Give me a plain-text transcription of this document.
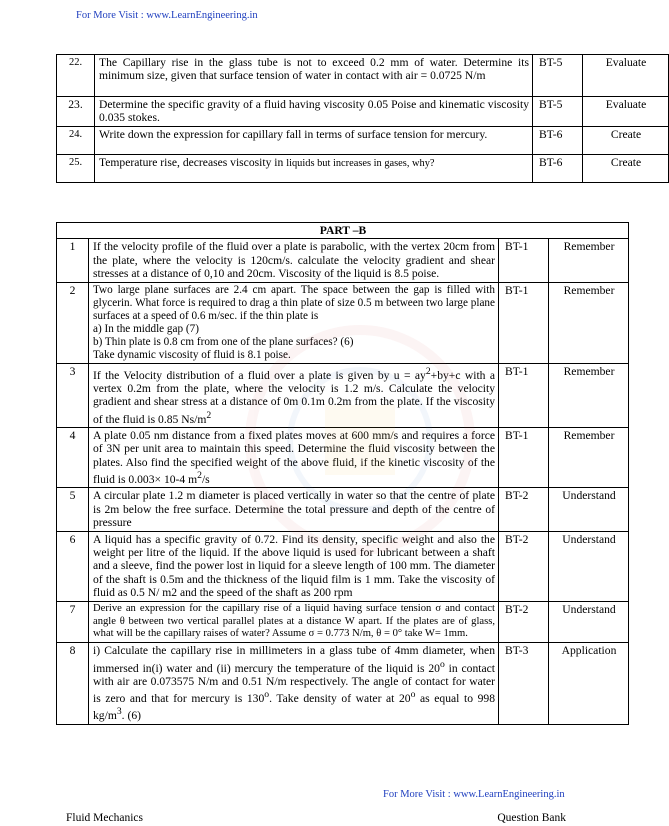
For More Visit : www.LearnEngineering.in
22.	The Capillary rise in the glass tube is not to exceed 0.2 mm of water. Determine its minimum size, given that surface tension of water in contact with air = 0.0725 N/m	BT-5	Evaluate
23.	Determine the specific gravity of a fluid having viscosity 0.05 Poise and kinematic viscosity 0.035 stokes.	BT-5	Evaluate
24.	Write down the expression for capillary fall in terms of surface tension for mercury.	BT-6	Create
25.	Temperature rise, decreases viscosity in liquids but increases in gases, why?	BT-6	Create
PART –B			
1	If the velocity profile of the fluid over a plate is parabolic, with the vertex 20cm from the plate, where the velocity is 120cm/s. calculate the velocity gradient and shear stresses at a distance of 0,10 and 20cm. Viscosity of the liquid is 8.5 poise.	BT-1	Remember
2	Two large plane surfaces are 2.4 cm apart. The space between the gap is filled with glycerin. What force is required to drag a thin plate of size 0.5 m between two large plane surfaces at a speed of 0.6 m/sec. if the thin plate is
a) In the middle gap (7)
b) Thin plate is 0.8 cm from one of the plane surfaces? (6)
Take dynamic viscosity of fluid is 8.1 poise.	BT-1	Remember
3	If the Velocity distribution of a fluid over a plate is given by $u = ay^2+by+c$ with a vertex 0.2m from the plate, where the velocity is 1.2 m/s. Calculate the velocity gradient and shear stress at a distance of 0m 0.1m 0.2m from the plate. If the viscosity of the fluid is 0.85 $Ns/m^2$	BT-1	Remember
4	A plate 0.05 nm distance from a fixed plates moves at 600 mm/s and requires a force of 3N per unit area to maintain this speed. Determine the fluid viscosity between the plates. Also find the specified weight of the above fluid, if the kinetic viscosity of the fluid is 0.003× 10-4 $m^2/s$	BT-1	Remember
5	A circular plate 1.2 m diameter is placed vertically in water so that the centre of plate is 2m below the free surface. Determine the total pressure and depth of the centre of pressure	BT-2	Understand
6	A liquid has a specific gravity of 0.72. Find its density, specific weight and also the weight per litre of the liquid. If the above liquid is used for lubricant between a shaft and a sleeve, find the power lost in liquid for a sleeve length of 100 mm. The diameter of the shaft is 0.5m and the thickness of the liquid film is 1 mm. Take the viscosity of fluid as 0.5 N/ m2 and the speed of the shaft as 200 rpm	BT-2	Understand
7	Derive an expression for the capillary rise of a liquid having surface tension σ and contact angle θ between two vertical parallel plates at a distance W apart. If the plates are of glass, what will be the capillary raises of water? Assume σ = 0.773 N/m, θ = 0° take W= 1mm.	BT-2	Understand
8	i) Calculate the capillary rise in millimeters in a glass tube of 4mm diameter, when immersed in(i) water and (ii) mercury the temperature of the liquid is 20$^o$ in contact with air are 0.073575 N/m and 0.51 N/m respectively. The angle of contact for water is zero and that for mercury is 130$^o$. Take density of water at 20$^o$ as equal to 998 $kg/m^3$. (6)	BT-3	Application
For More Visit : www.LearnEngineering.in
Fluid Mechanics	Question Bank
